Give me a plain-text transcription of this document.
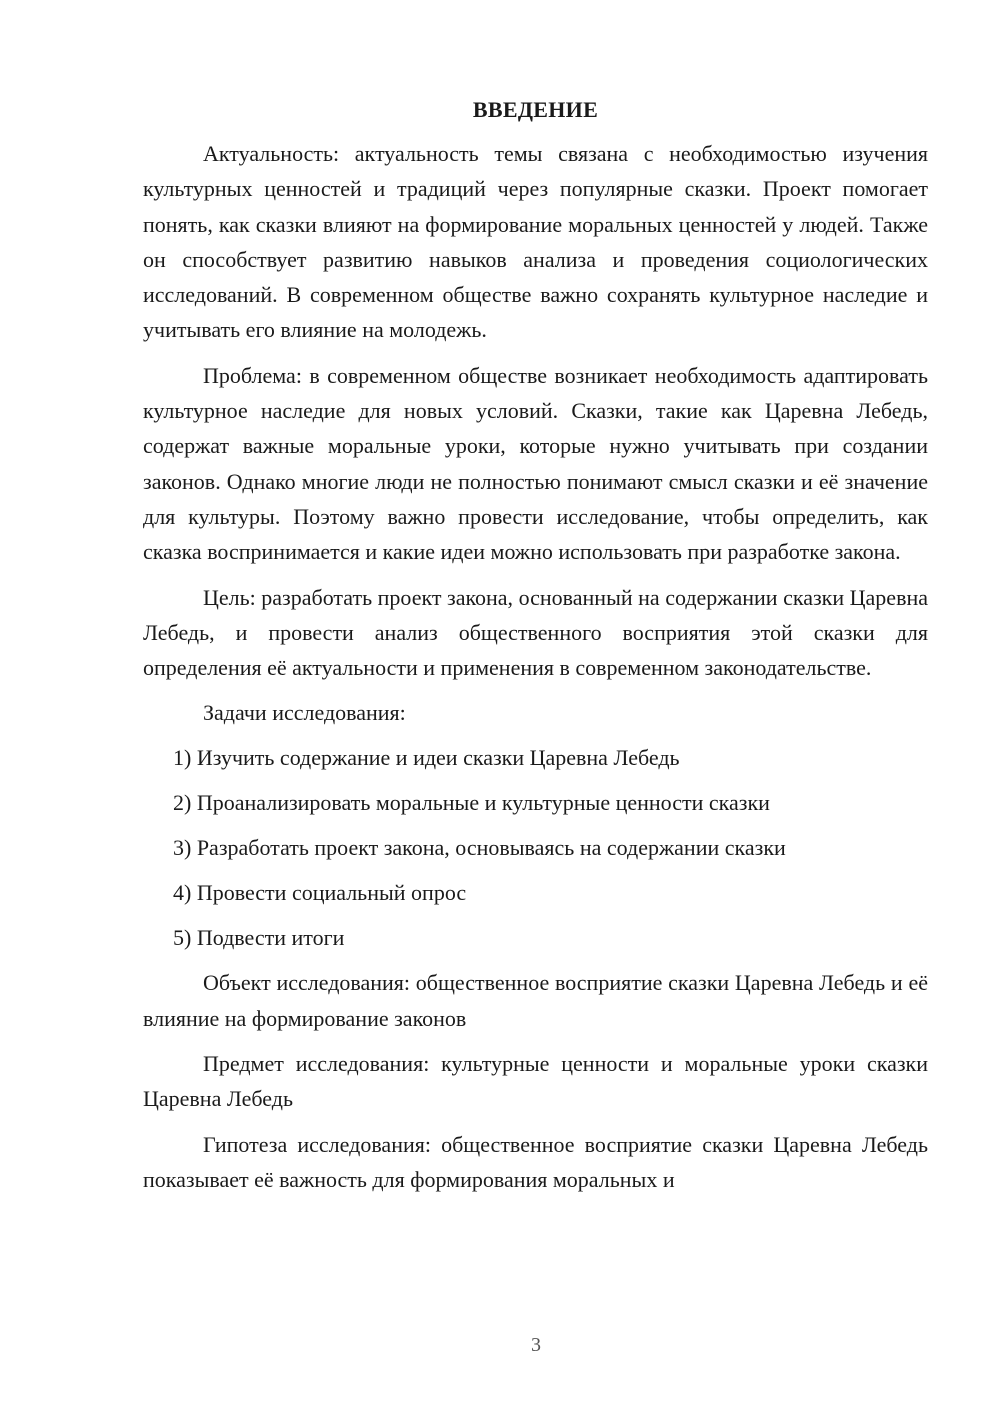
ВВЕДЕНИЕ

Актуальность: актуальность темы связана с необходимостью изучения культурных ценностей и традиций через популярные сказки. Проект помогает понять, как сказки влияют на формирование моральных ценностей у людей. Также он способствует развитию навыков анализа и проведения социологических исследований. В современном обществе важно сохранять культурное наследие и учитывать его влияние на молодежь.

Проблема: в современном обществе возникает необходимость адаптировать культурное наследие для новых условий. Сказки, такие как Царевна Лебедь, содержат важные моральные уроки, которые нужно учитывать при создании законов. Однако многие люди не полностью понимают смысл сказки и её значение для культуры. Поэтому важно провести исследование, чтобы определить, как сказка воспринимается и какие идеи можно использовать при разработке закона.

Цель: разработать проект закона, основанный на содержании сказки Царевна Лебедь, и провести анализ общественного восприятия этой сказки для определения её актуальности и применения в современном законодательстве.

Задачи исследования:
1) Изучить содержание и идеи сказки Царевна Лебедь
2) Проанализировать моральные и культурные ценности сказки
3) Разработать проект закона, основываясь на содержании сказки
4) Провести социальный опрос
5) Подвести итоги

Объект исследования: общественное восприятие сказки Царевна Лебедь и её влияние на формирование законов

Предмет исследования: культурные ценности и моральные уроки сказки Царевна Лебедь

Гипотеза исследования: общественное восприятие сказки Царевна Лебедь показывает её важность для формирования моральных и

3
